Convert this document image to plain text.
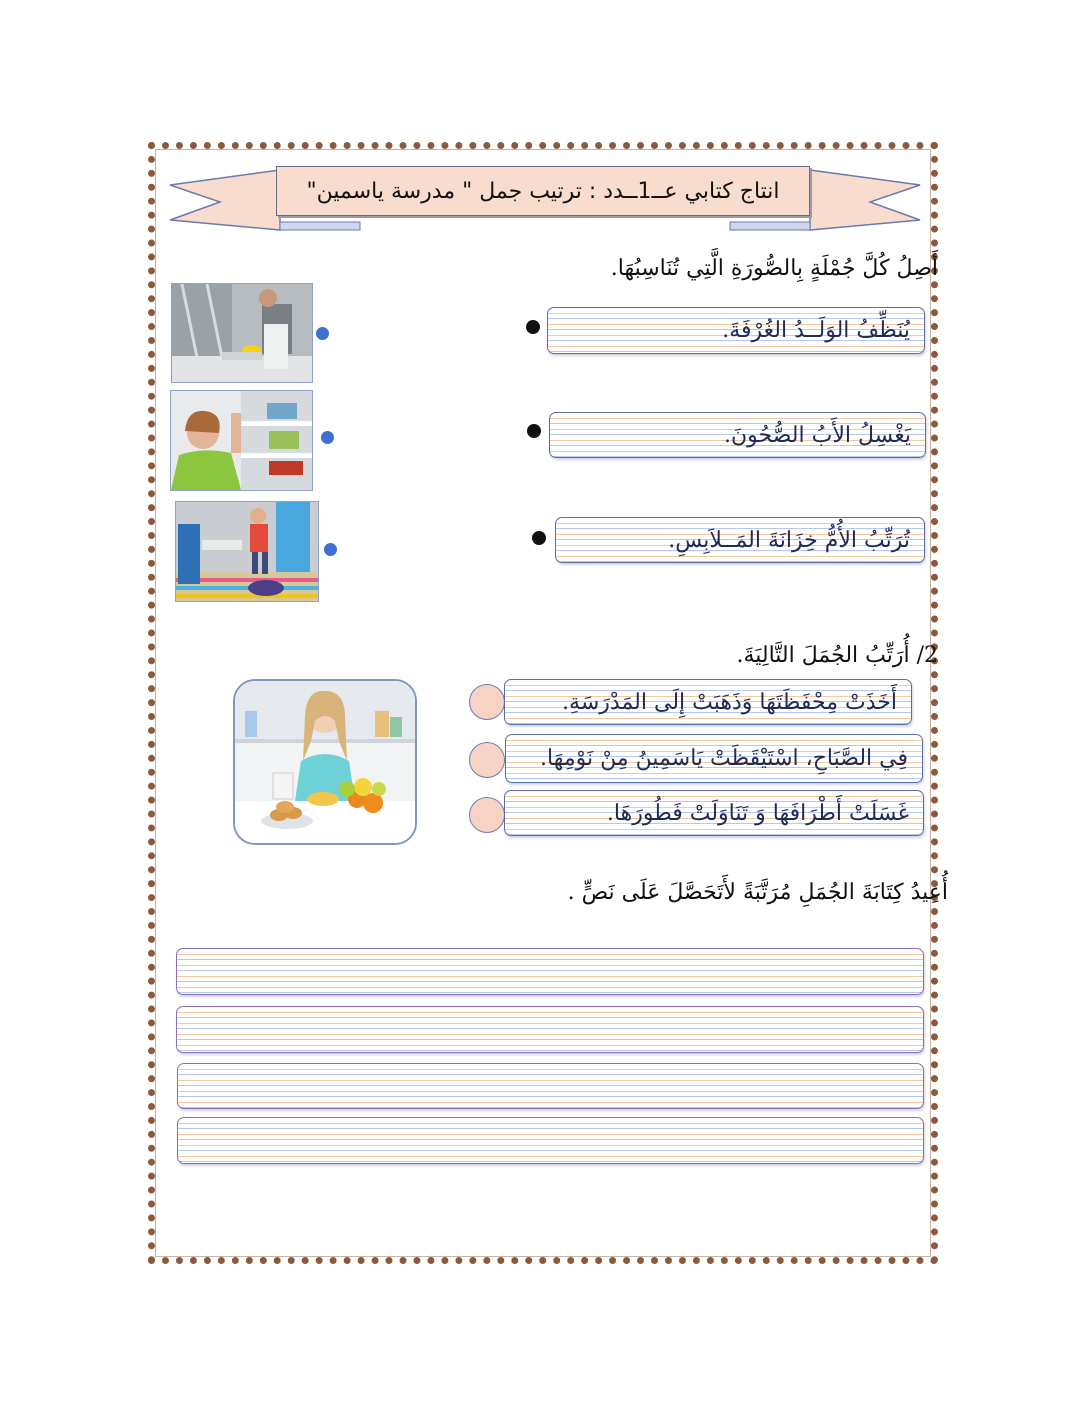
انتاج كتابي عــ1ــدد : ترتيب جمل " مدرسة ياسمين"
أَصِلُ كُلَّ جُمْلَةٍ بِالصُّورَةِ الَّتِي تُنَاسِبُهَا.
يُنَظِّفُ الوَلَــدُ الغُرْفَةَ.
يَغْسِلُ الأَبُ الصُّحُونَ.
تُرَتِّبُ الأُمُّ خِزَانَةَ المَــلاَبِسِ.
2/ أُرَتِّبُ الجُمَلَ التَّالِيَةَ.
أَخَذَتْ مِحْفَظَتَهَا وَذَهَبَتْ إِلَى المَدْرَسَةِ.
فِي الصَّبَاحِ، اسْتَيْقَظَتْ يَاسَمِينُ مِنْ نَوْمِهَا.
غَسَلَتْ أَطْرَافَهَا وَ تَنَاوَلَتْ فَطُورَهَا.
أُعِيدُ كِتَابَةَ الجُمَلِ مُرَتَّبَةً لأَتَحَصَّلَ عَلَى نَصٍّ .
